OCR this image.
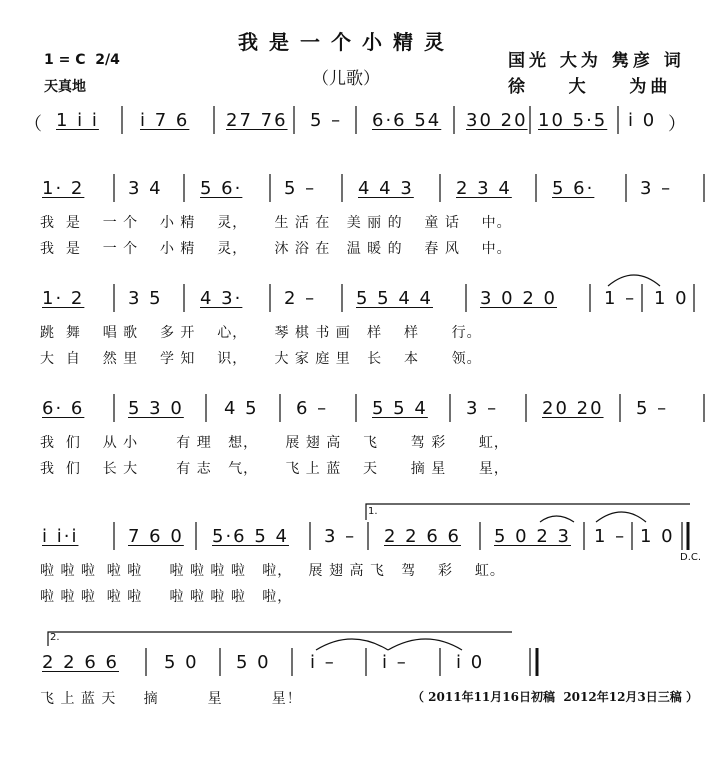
我是一个小精灵
（儿歌）
1 = C  2/4
天真地
国光 大为 隽彦 词
徐    大    为曲
（ 1 i i i 7 6 27 76 5 – 6·6 54 30 20 10 5·5 i 0 ）
1· 2 3 4 5 6· 5 – 4 4 3 2 3 4 5 6·	3 –
我  是    一 个    小 精    灵，     生 活 在   美 丽 的    童 话    中。
我  是    一 个    小 精    灵，     沐 浴 在   温 暖 的    春 风    中。
1· 2 3 5 4 3· 2 – 5 5 4 4	3 0 2 0	1 – 1 0
跳  舞    唱 歌    多 开    心，     琴 棋 书 画   样    样      行。
大  自    然 里    学 知    识，     大 家 庭 里   长    本      领。
6· 6 5 3 0 4 5 6 – 5 5 4 3 – 20 20 5 –
我  们    从 小       有 理   想，     展 翅 高    飞      驾 彩      虹，
我  们    长 大       有 志   气，     飞 上 蓝    天      摘 星      星，
1.
i i·i	7 6 0 5·6 5 4 3 – 2 2 6 6 5 0 2 3 1 – 1 0
D.C.
啦 啦 啦  啦 啦     啦 啦 啦 啦   啦，   展 翅 高 飞   驾    彩    虹。
啦 啦 啦  啦 啦     啦 啦 啦 啦   啦，
2.
2 2 6 6	5 0 5 0 i –	i –	i 0
飞 上 蓝 天     摘         星         星！	（ 2011年11月16日初稿  2012年12月3日三稿 ）
